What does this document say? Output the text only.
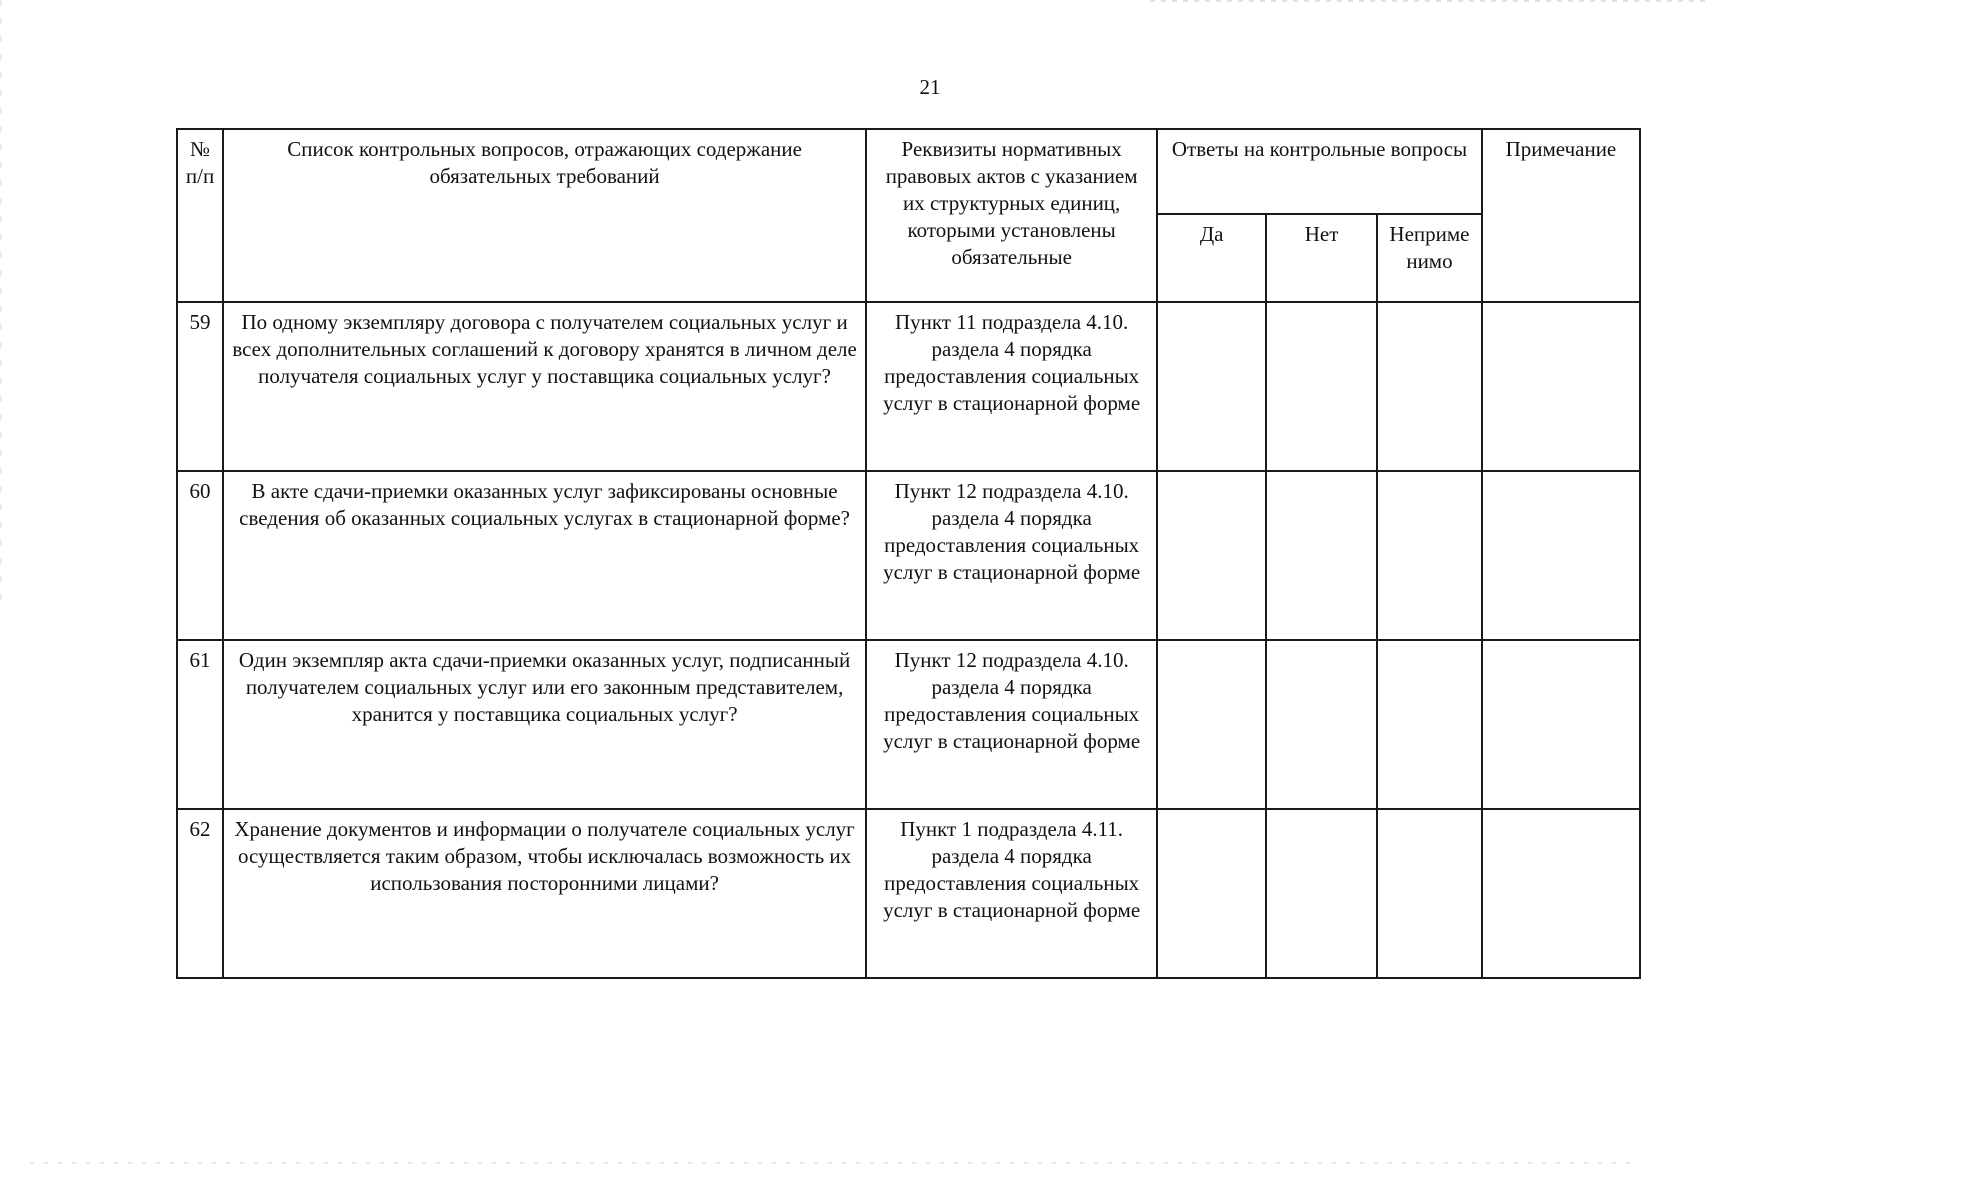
21
№ п/п	Список контрольных вопросов, отражающих содержание обязательных требований	Реквизиты нормативных правовых актов с указанием их структурных единиц, которыми установлены обязательные	Ответы на контрольные вопросы			Примечание
			Да	Нет	Неприме нимо	
59	По одному экземпляру договора с получателем социальных услуг и всех дополнительных соглашений к договору хранятся в личном деле получателя социальных услуг у поставщика социальных услуг?	Пункт 11 подраздела 4.10. раздела 4 порядка предоставления социальных услуг в стационарной форме				
60	В акте сдачи-приемки оказанных услуг зафиксированы основные сведения об оказанных социальных услугах в стационарной форме?	Пункт 12 подраздела 4.10. раздела 4 порядка предоставления социальных услуг в стационарной форме				
61	Один экземпляр акта сдачи-приемки оказанных услуг, подписанный получателем социальных услуг или его законным представителем, хранится у поставщика социальных услуг?	Пункт 12 подраздела 4.10. раздела 4 порядка предоставления социальных услуг в стационарной форме				
62	Хранение документов и информации о получателе социальных услуг осуществляется таким образом, чтобы исключалась возможность их использования посторонними лицами?	Пункт 1 подраздела 4.11. раздела 4 порядка предоставления социальных услуг в стационарной форме				
